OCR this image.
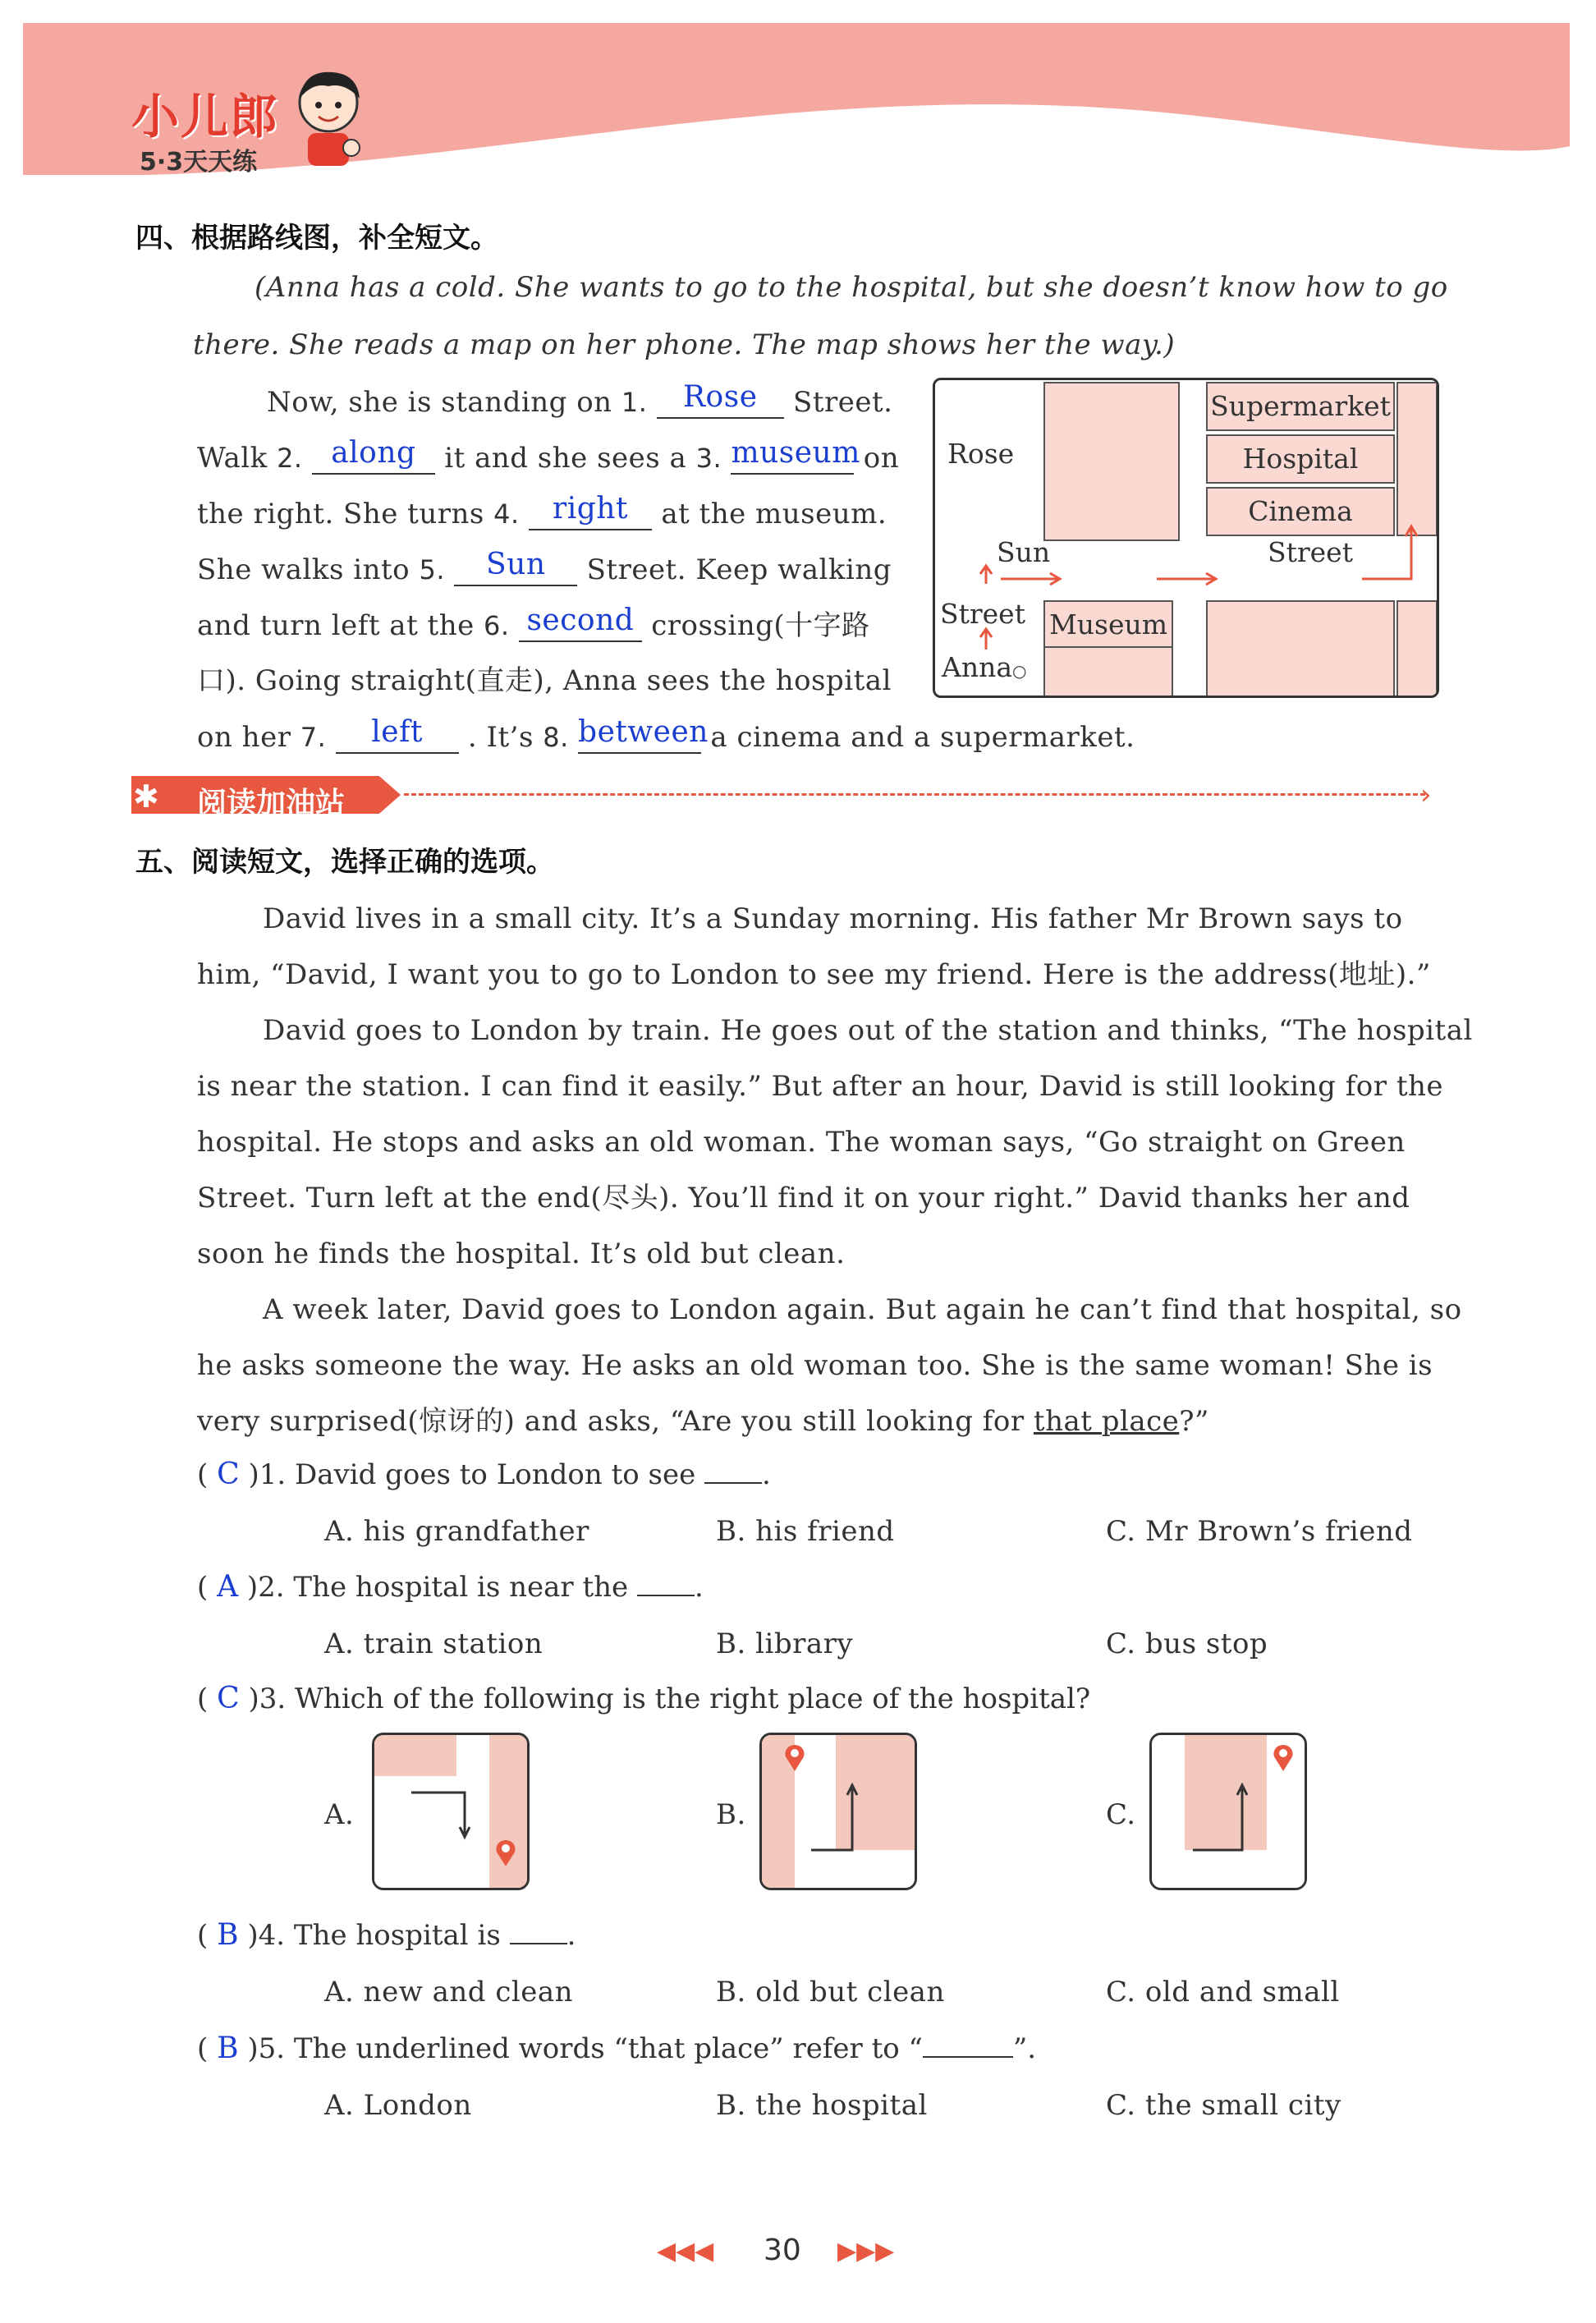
小儿郎
5·3天天练
四、根据路线图，补全短文。
(Anna has a cold. She wants to go to the hospital, but she doesn’t know how to go
there. She reads a map on her phone. The map shows her the way.)
Now, she is standing on 1. Rose Street.
Walk 2. along it and she sees a 3. museum on
the right. She turns 4. right at the museum.
She walks into 5. Sun Street. Keep walking
and turn left at the 6. second crossing(十字路
口). Going straight(直走), Anna sees the hospital
on her 7. left . It’s 8. between a cinema and a supermarket.
Supermarket
Hospital
Cinema
Rose
Sun	Street
Street Museum
Anna○
✱ 阅读加油站	›
五、阅读短文，选择正确的选项。
David lives in a small city. It’s a Sunday morning. His father Mr Brown says to
him, “David, I want you to go to London to see my friend. Here is the address(地址).”
David goes to London by train. He goes out of the station and thinks, “The hospital
is near the station. I can find it easily.” But after an hour, David is still looking for the
hospital. He stops and asks an old woman. The woman says, “Go straight on Green
Street. Turn left at the end(尽头). You’ll find it on your right.” David thanks her and
soon he finds the hospital. It’s old but clean.
A week later, David goes to London again. But again he can’t find that hospital, so
he asks someone the way. He asks an old woman too. She is the same woman! She is
very surprised(惊讶的) and asks, “Are you still looking for that place?”
( C )1. David goes to London to see .
A. his grandfather	B. his friend	C. Mr Brown’s friend
( A )2. The hospital is near the .
A. train station	B. library	C. bus stop
( C )3. Which of the following is the right place of the hospital?
A.	B.	C.
( B )4. The hospital is .
A. new and clean	B. old but clean	C. old and small
( B )5. The underlined words “that place” refer to “	”.
A. London	B. the hospital	C. the small city
◀◀◀ 30 ▶▶▶
